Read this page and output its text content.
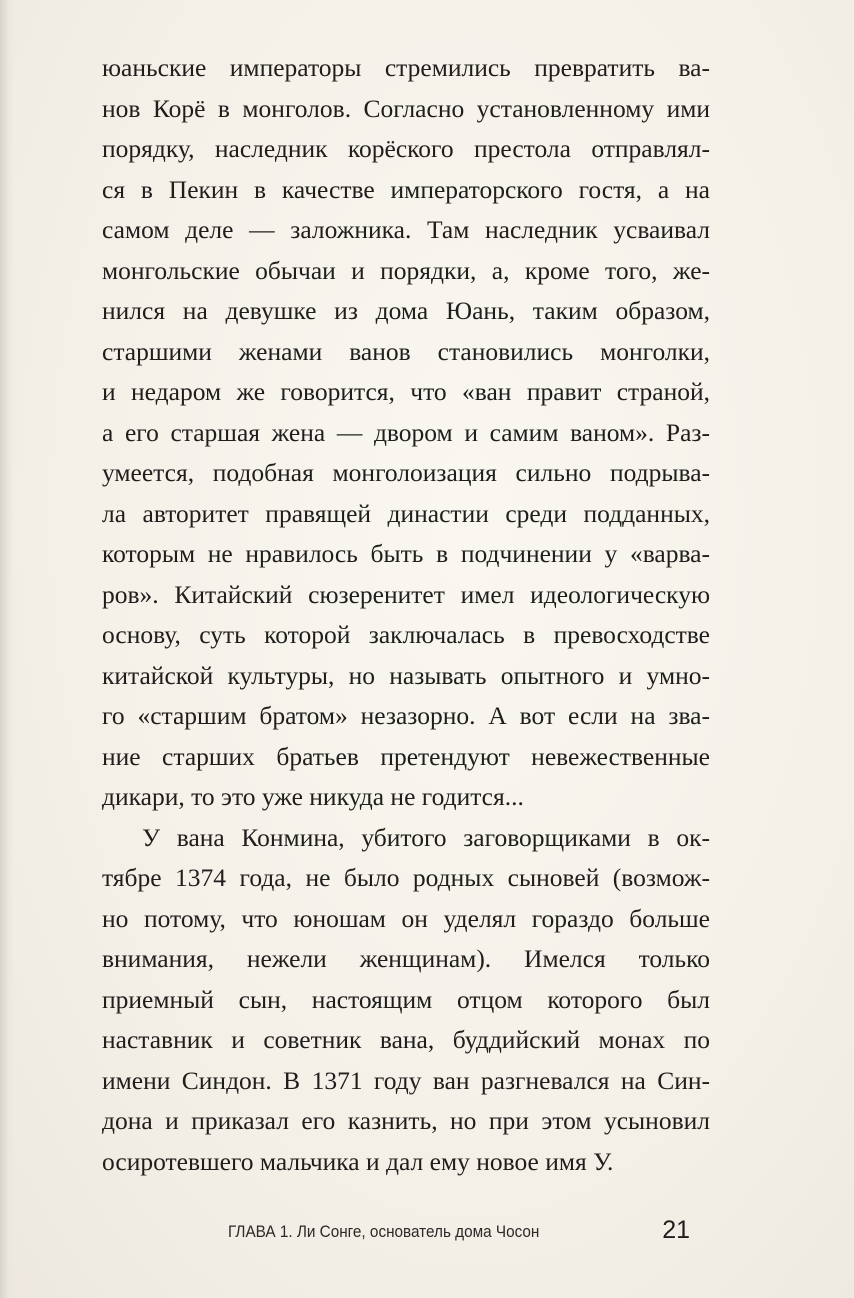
юаньские императоры стремились превратить ва-
нов Корё в монголов. Согласно установленному ими
порядку, наследник корёского престола отправлял-
ся в Пекин в качестве императорского гостя, а на
самом деле — заложника. Там наследник усваивал
монгольские обычаи и порядки, а, кроме того, же-
нился на девушке из дома Юань, таким образом,
старшими женами ванов становились монголки,
и недаром же говорится, что «ван правит страной,
а его старшая жена — двором и самим ваном». Раз-
умеется, подобная монголоизация сильно подрыва-
ла авторитет правящей династии среди подданных,
которым не нравилось быть в подчинении у «варва-
ров». Китайский сюзеренитет имел идеологическую
основу, суть которой заключалась в превосходстве
китайской культуры, но называть опытного и умно-
го «старшим братом» незазорно. А вот если на зва-
ние старших братьев претендуют невежественные
дикари, то это уже никуда не годится...
У вана Конмина, убитого заговорщиками в ок-
тябре 1374 года, не было родных сыновей (возмож-
но потому, что юношам он уделял гораздо больше
внимания, нежели женщинам). Имелся только
приемный сын, настоящим отцом которого был
наставник и советник вана, буддийский монах по
имени Синдон. В 1371 году ван разгневался на Син-
дона и приказал его казнить, но при этом усыновил
осиротевшего мальчика и дал ему новое имя У.
ГЛАВА 1. Ли Сонге, основатель дома Чосон	21
